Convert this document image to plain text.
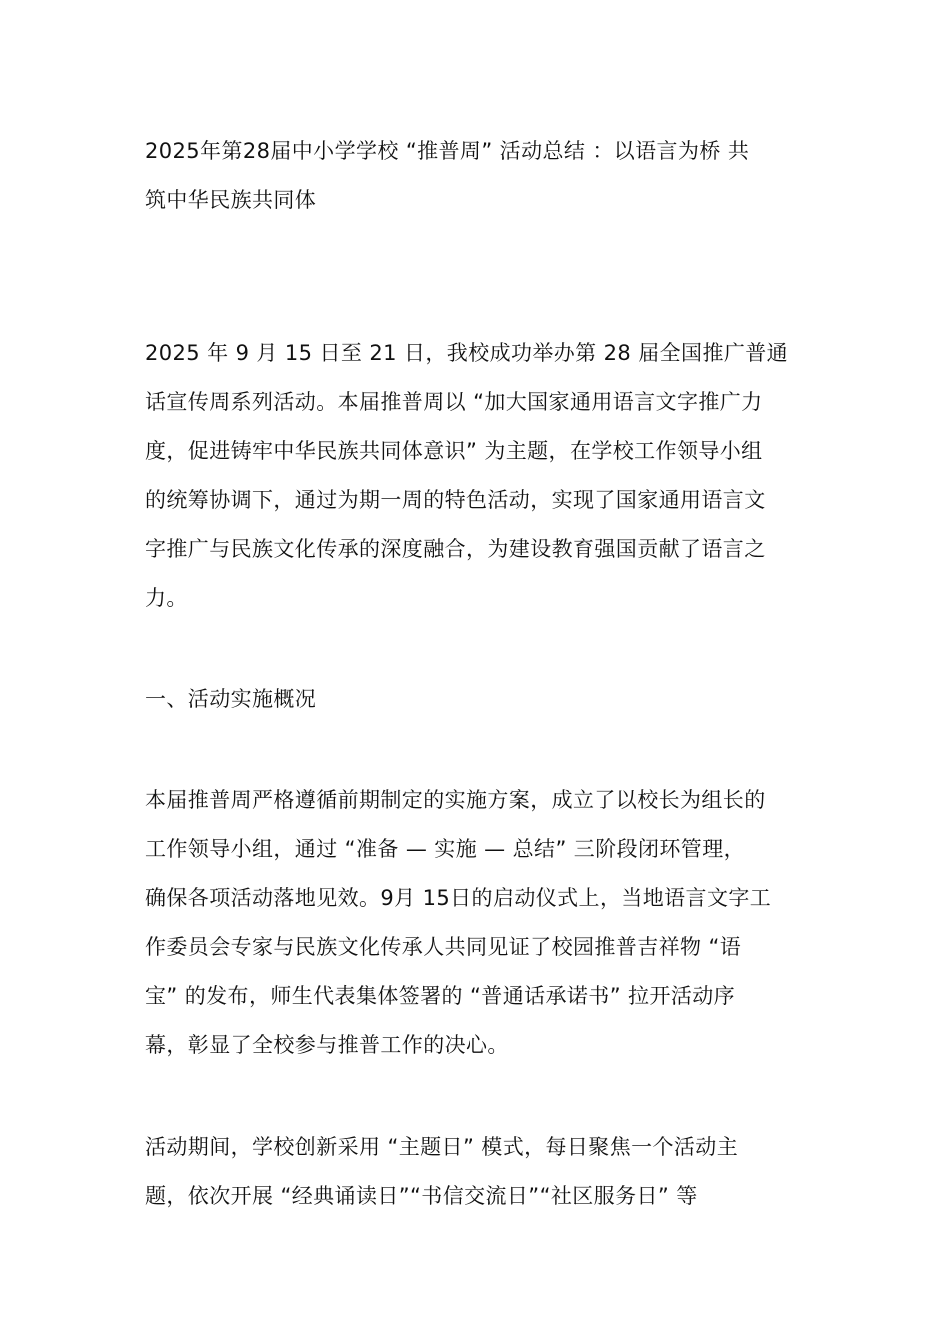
2025年第28届中小学学校 “推普周” 活动总结 ：以语言为桥 共
筑中华民族共同体
2025 年 9 月 15 日至 21 日，我校成功举办第 28 届全国推广普通
话宣传周系列活动。本届推普周以 “加大国家通用语言文字推广力
度，促进铸牢中华民族共同体意识” 为主题，在学校工作领导小组
的统筹协调下，通过为期一周的特色活动，实现了国家通用语言文
字推广与民族文化传承的深度融合，为建设教育强国贡献了语言之
力。
一、活动实施概况
本届推普周严格遵循前期制定的实施方案，成立了以校长为组长的
工作领导小组，通过 “准备 — 实施 — 总结” 三阶段闭环管理，
确保各项活动落地见效。9月 15日的启动仪式上，当地语言文字工
作委员会专家与民族文化传承人共同见证了校园推普吉祥物 “语
宝” 的发布，师生代表集体签署的 “普通话承诺书” 拉开活动序
幕，彰显了全校参与推普工作的决心。
活动期间，学校创新采用 “主题日” 模式，每日聚焦一个活动主
题，依次开展 “经典诵读日”“书信交流日”“社区服务日” 等
